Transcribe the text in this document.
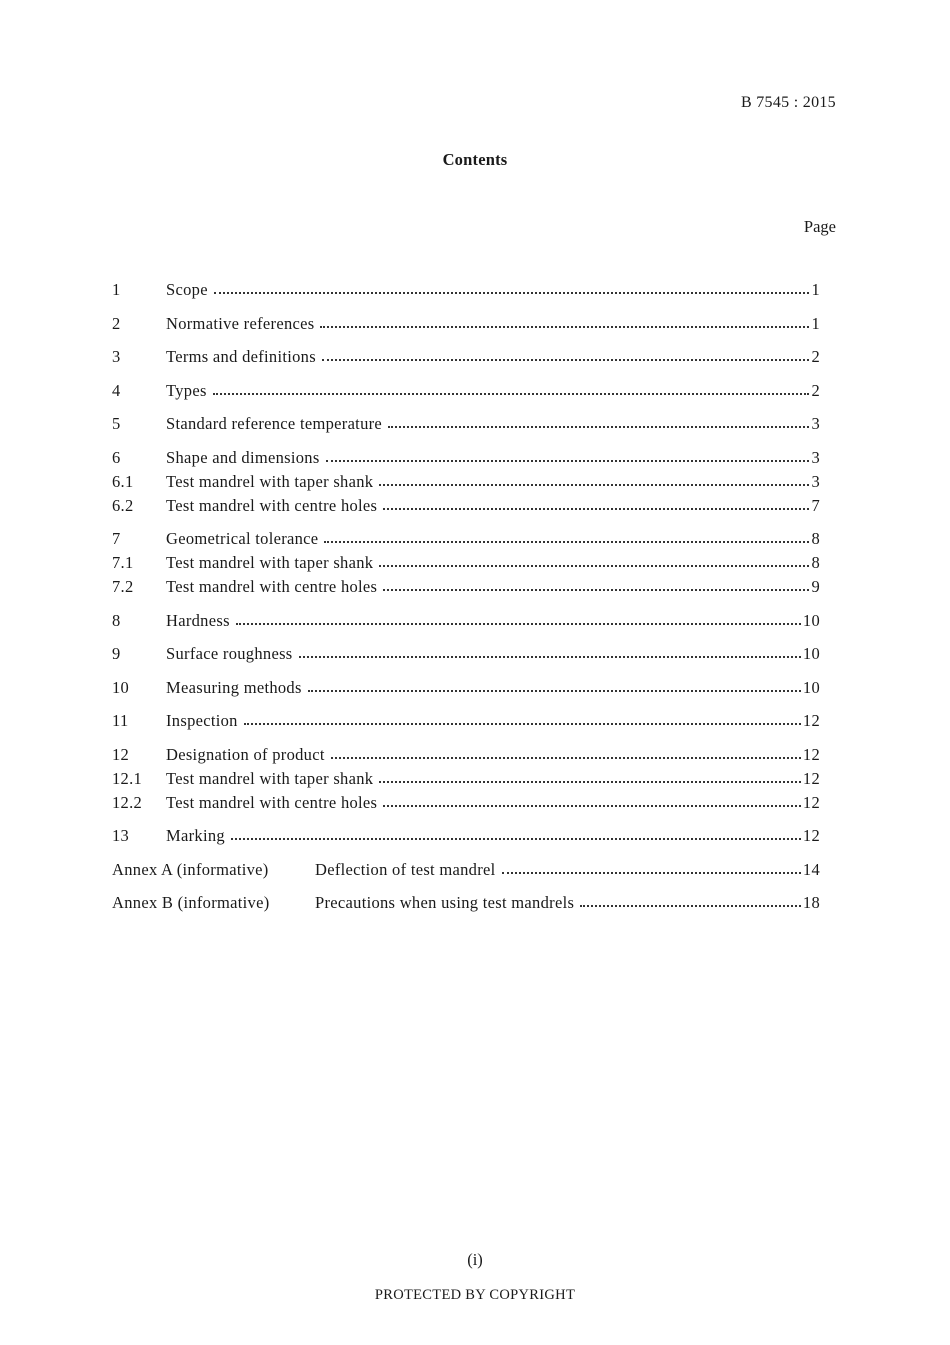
B 7545 : 2015
Contents
Page
1	Scope	1
2	Normative references	1
3	Terms and definitions	2
4	Types	2
5	Standard reference temperature	3
6	Shape and dimensions	3
6.1	Test mandrel with taper shank	3
6.2	Test mandrel with centre holes	7
7	Geometrical tolerance	8
7.1	Test mandrel with taper shank	8
7.2	Test mandrel with centre holes	9
8	Hardness	10
9	Surface roughness	10
10	Measuring methods	10
11	Inspection	12
12	Designation of product	12
12.1	Test mandrel with taper shank	12
12.2	Test mandrel with centre holes	12
13	Marking	12
Annex A (informative)	Deflection of test mandrel	14
Annex B (informative)	Precautions when using test mandrels	18
(i)
PROTECTED BY COPYRIGHT
